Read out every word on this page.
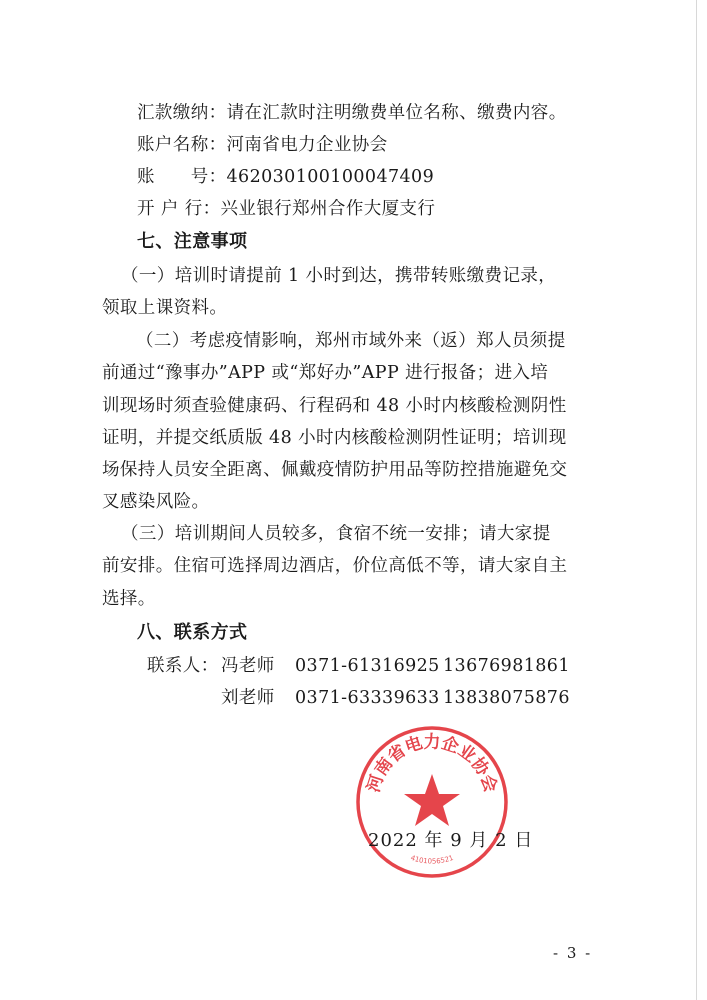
汇款缴纳：请在汇款时注明缴费单位名称、缴费内容。
账户名称：河南省电力企业协会
账　　号：462030100100047409
开 户 行：兴业银行郑州合作大厦支行
七、注意事项
（一）培训时请提前 1 小时到达，携带转账缴费记录，
领取上课资料。
（二）考虑疫情影响，郑州市域外来（返）郑人员须提
前通过“豫事办”APP 或“郑好办”APP 进行报备；进入培
训现场时须查验健康码、行程码和 48 小时内核酸检测阴性
证明，并提交纸质版 48 小时内核酸检测阴性证明；培训现
场保持人员安全距离、佩戴疫情防护用品等防控措施避免交
叉感染风险。
（三）培训期间人员较多，食宿不统一安排；请大家提
前安排。住宿可选择周边酒店，价位高低不等，请大家自主
选择。
八、联系方式
联系人： 冯老师 0371-61316925 13676981861
刘老师 0371-63339633 13838075876
河南省电力企业协会
4101056521
2022 年 9 月 2 日
- 3 -
